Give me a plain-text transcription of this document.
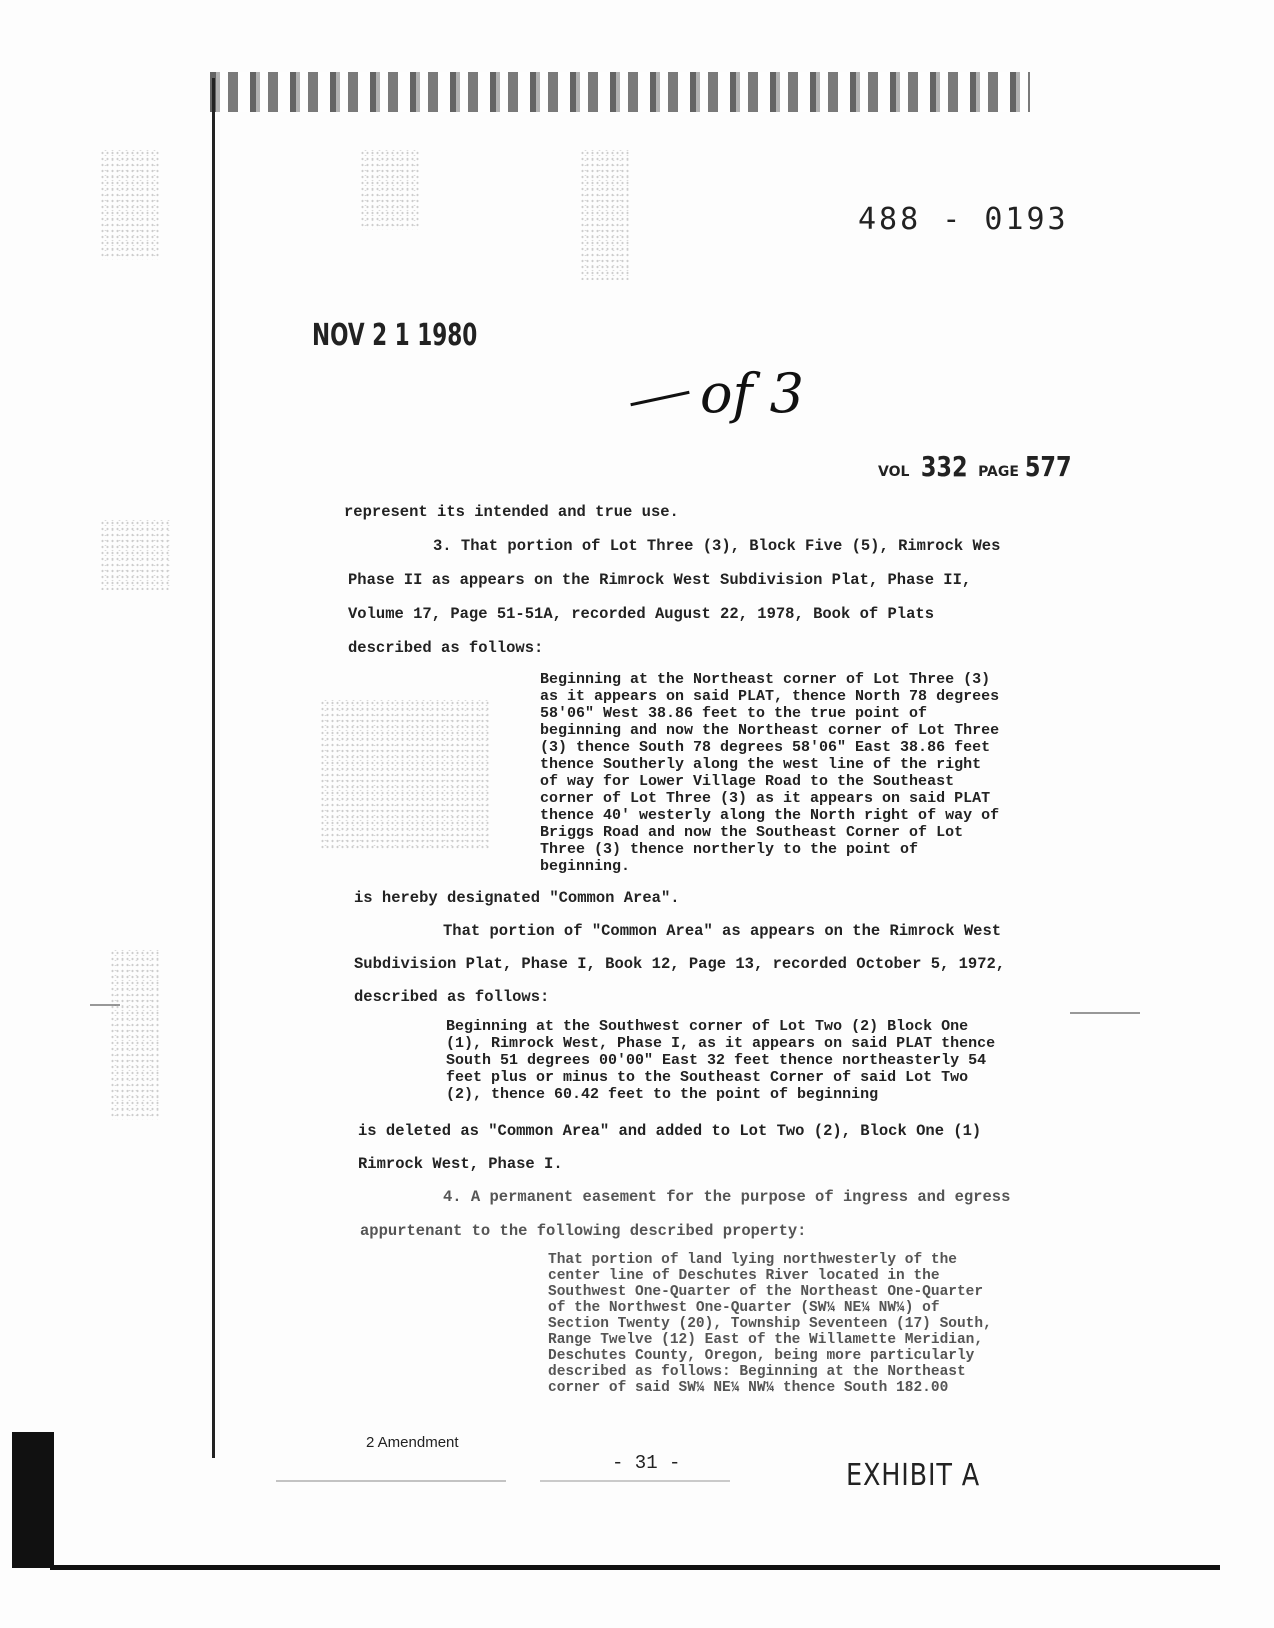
488 - 0193
NOV 2 1 1980
of 3
VOL 332 PAGE 577
represent its intended and true use.
3. That portion of Lot Three (3), Block Five (5), Rimrock Wes
Phase II as appears on the Rimrock West Subdivision Plat, Phase II,
Volume 17, Page 51-51A, recorded August 22, 1978, Book of Plats
described as follows:
Beginning at the Northeast corner of Lot Three (3)
as it appears on said PLAT, thence North 78 degrees
58'06" West 38.86 feet to the true point of
beginning and now the Northeast corner of Lot Three
(3) thence South 78 degrees 58'06" East 38.86 feet
thence Southerly along the west line of the right
of way for Lower Village Road to the Southeast
corner of Lot Three (3) as it appears on said PLAT
thence 40' westerly along the North right of way of
Briggs Road and now the Southeast Corner of Lot
Three (3) thence northerly to the point of
beginning.
is hereby designated "Common Area".
That portion of "Common Area" as appears on the Rimrock West
Subdivision Plat, Phase I, Book 12, Page 13, recorded October 5, 1972,
described as follows:
Beginning at the Southwest corner of Lot Two (2) Block One
(1), Rimrock West, Phase I, as it appears on said PLAT thence
South 51 degrees 00'00" East 32 feet thence northeasterly 54
feet plus or minus to the Southeast Corner of said Lot Two
(2), thence 60.42 feet to the point of beginning
is deleted as "Common Area" and added to Lot Two (2), Block One (1)
Rimrock West, Phase I.
4. A permanent easement for the purpose of ingress and egress
appurtenant to the following described property:
That portion of land lying northwesterly of the
center line of Deschutes River located in the
Southwest One-Quarter of the Northeast One-Quarter
of the Northwest One-Quarter (SW¼ NE¼ NW¼) of
Section Twenty (20), Township Seventeen (17) South,
Range Twelve (12) East of the Willamette Meridian,
Deschutes County, Oregon, being more particularly
described as follows: Beginning at the Northeast
corner of said SW¼ NE¼ NW¼ thence South 182.00
2 Amendment
- 31 -	EXHIBIT A
